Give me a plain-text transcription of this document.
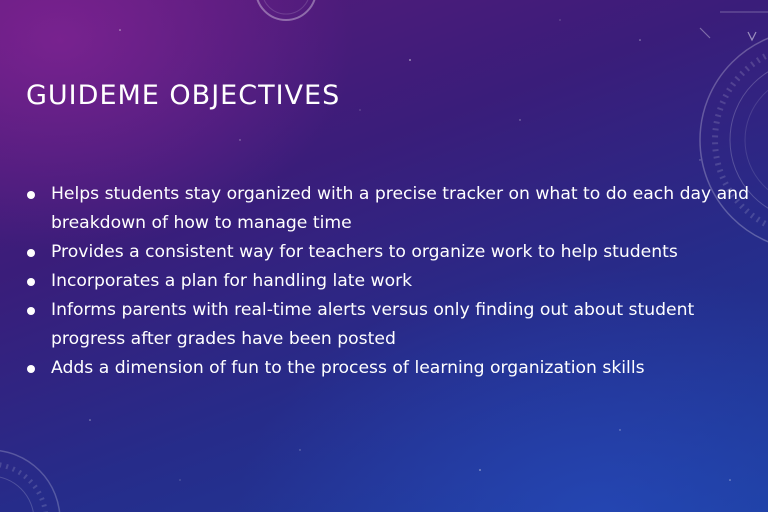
GUIDEME OBJECTIVES
Helps students stay organized with a precise tracker on what to do each day and breakdown of how to manage time
Provides a consistent way for teachers to organize work to help students
Incorporates a plan for handling late work
Informs parents with real-time alerts versus only finding out about student progress after grades have been posted
Adds a dimension of fun to the process of learning organization skills
